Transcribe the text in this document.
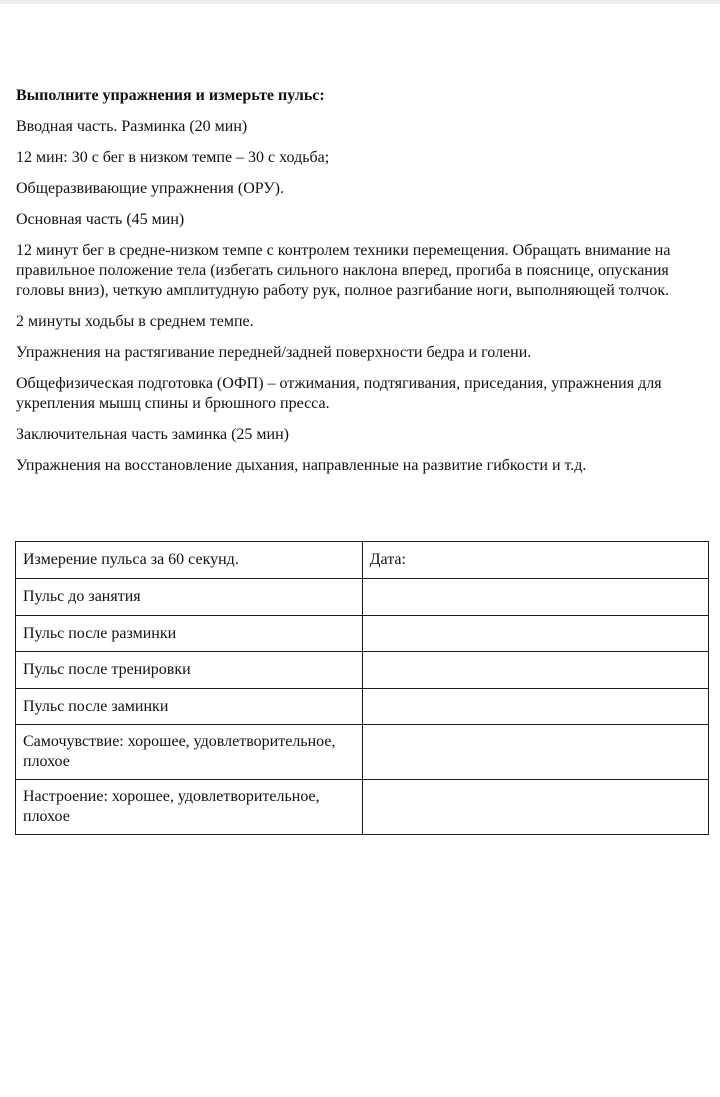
Выполните упражнения и измерьте пульс:
Вводная часть. Разминка (20 мин)
12 мин: 30 с бег в низком темпе – 30 с ходьба;
Общеразвивающие упражнения (ОРУ).
Основная часть (45 мин)
12 минут бег в средне-низком темпе с контролем техники перемещения. Обращать внимание на правильное положение тела (избегать сильного наклона вперед, прогиба в пояснице, опускания головы вниз), четкую амплитудную работу рук, полное разгибание ноги, выполняющей толчок.
2 минуты ходьбы в среднем темпе.
Упражнения на растягивание передней/задней поверхности бедра и голени.
Общефизическая подготовка (ОФП) – отжимания, подтягивания, приседания, упражнения для укрепления мышц спины и брюшного пресса.
Заключительная часть заминка (25 мин)
Упражнения на восстановление дыхания, направленные на развитие гибкости и т.д.
Измерение пульса за 60 секунд.	Дата:
Пульс до занятия	
Пульс после разминки	
Пульс после тренировки	
Пульс после заминки	
Самочувствие: хорошее, удовлетворительное, плохое	
Настроение: хорошее, удовлетворительное, плохое	
